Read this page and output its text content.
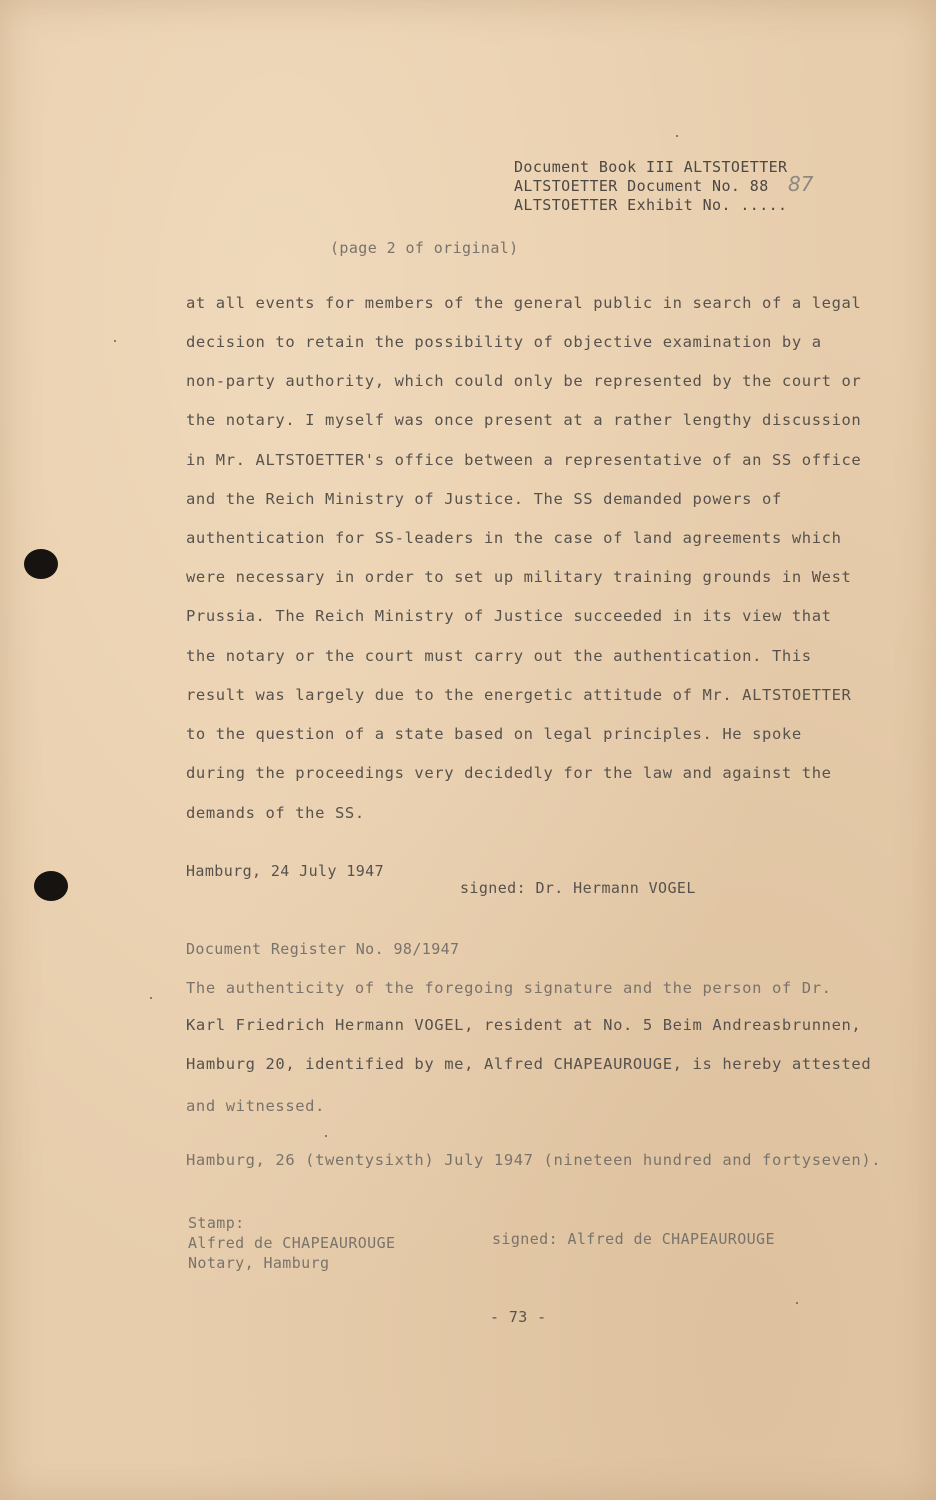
Document Book III ALTSTOETTER
ALTSTOETTER Document No. 88 87
ALTSTOETTER Exhibit No. .....
(page 2 of original)
at all events for members of the general public in search of a legal
decision to retain the possibility of objective examination by a
non-party authority, which could only be represented by the court or
the notary. I myself was once present at a rather lengthy discussion
in Mr. ALTSTOETTER's office between a representative of an SS office
and the Reich Ministry of Justice. The SS demanded powers of
authentication for SS-leaders in the case of land agreements which
were necessary in order to set up military training grounds in West
Prussia. The Reich Ministry of Justice succeeded in its view that
the notary or the court must carry out the authentication. This
result was largely due to the energetic attitude of Mr. ALTSTOETTER
to the question of a state based on legal principles. He spoke
during the proceedings very decidedly for the law and against the
demands of the SS.
Hamburg, 24 July 1947
signed: Dr. Hermann VOGEL
Document Register No. 98/1947
The authenticity of the foregoing signature and the person of Dr.
Karl Friedrich Hermann VOGEL, resident at No. 5 Beim Andreasbrunnen,
Hamburg 20, identified by me, Alfred CHAPEAUROUGE, is hereby attested
and witnessed.
Hamburg, 26 (twentysixth) July 1947 (nineteen hundred and fortyseven).
Stamp:
Alfred de CHAPEAUROUGE
Notary, Hamburg
signed: Alfred de CHAPEAUROUGE
- 73 -
